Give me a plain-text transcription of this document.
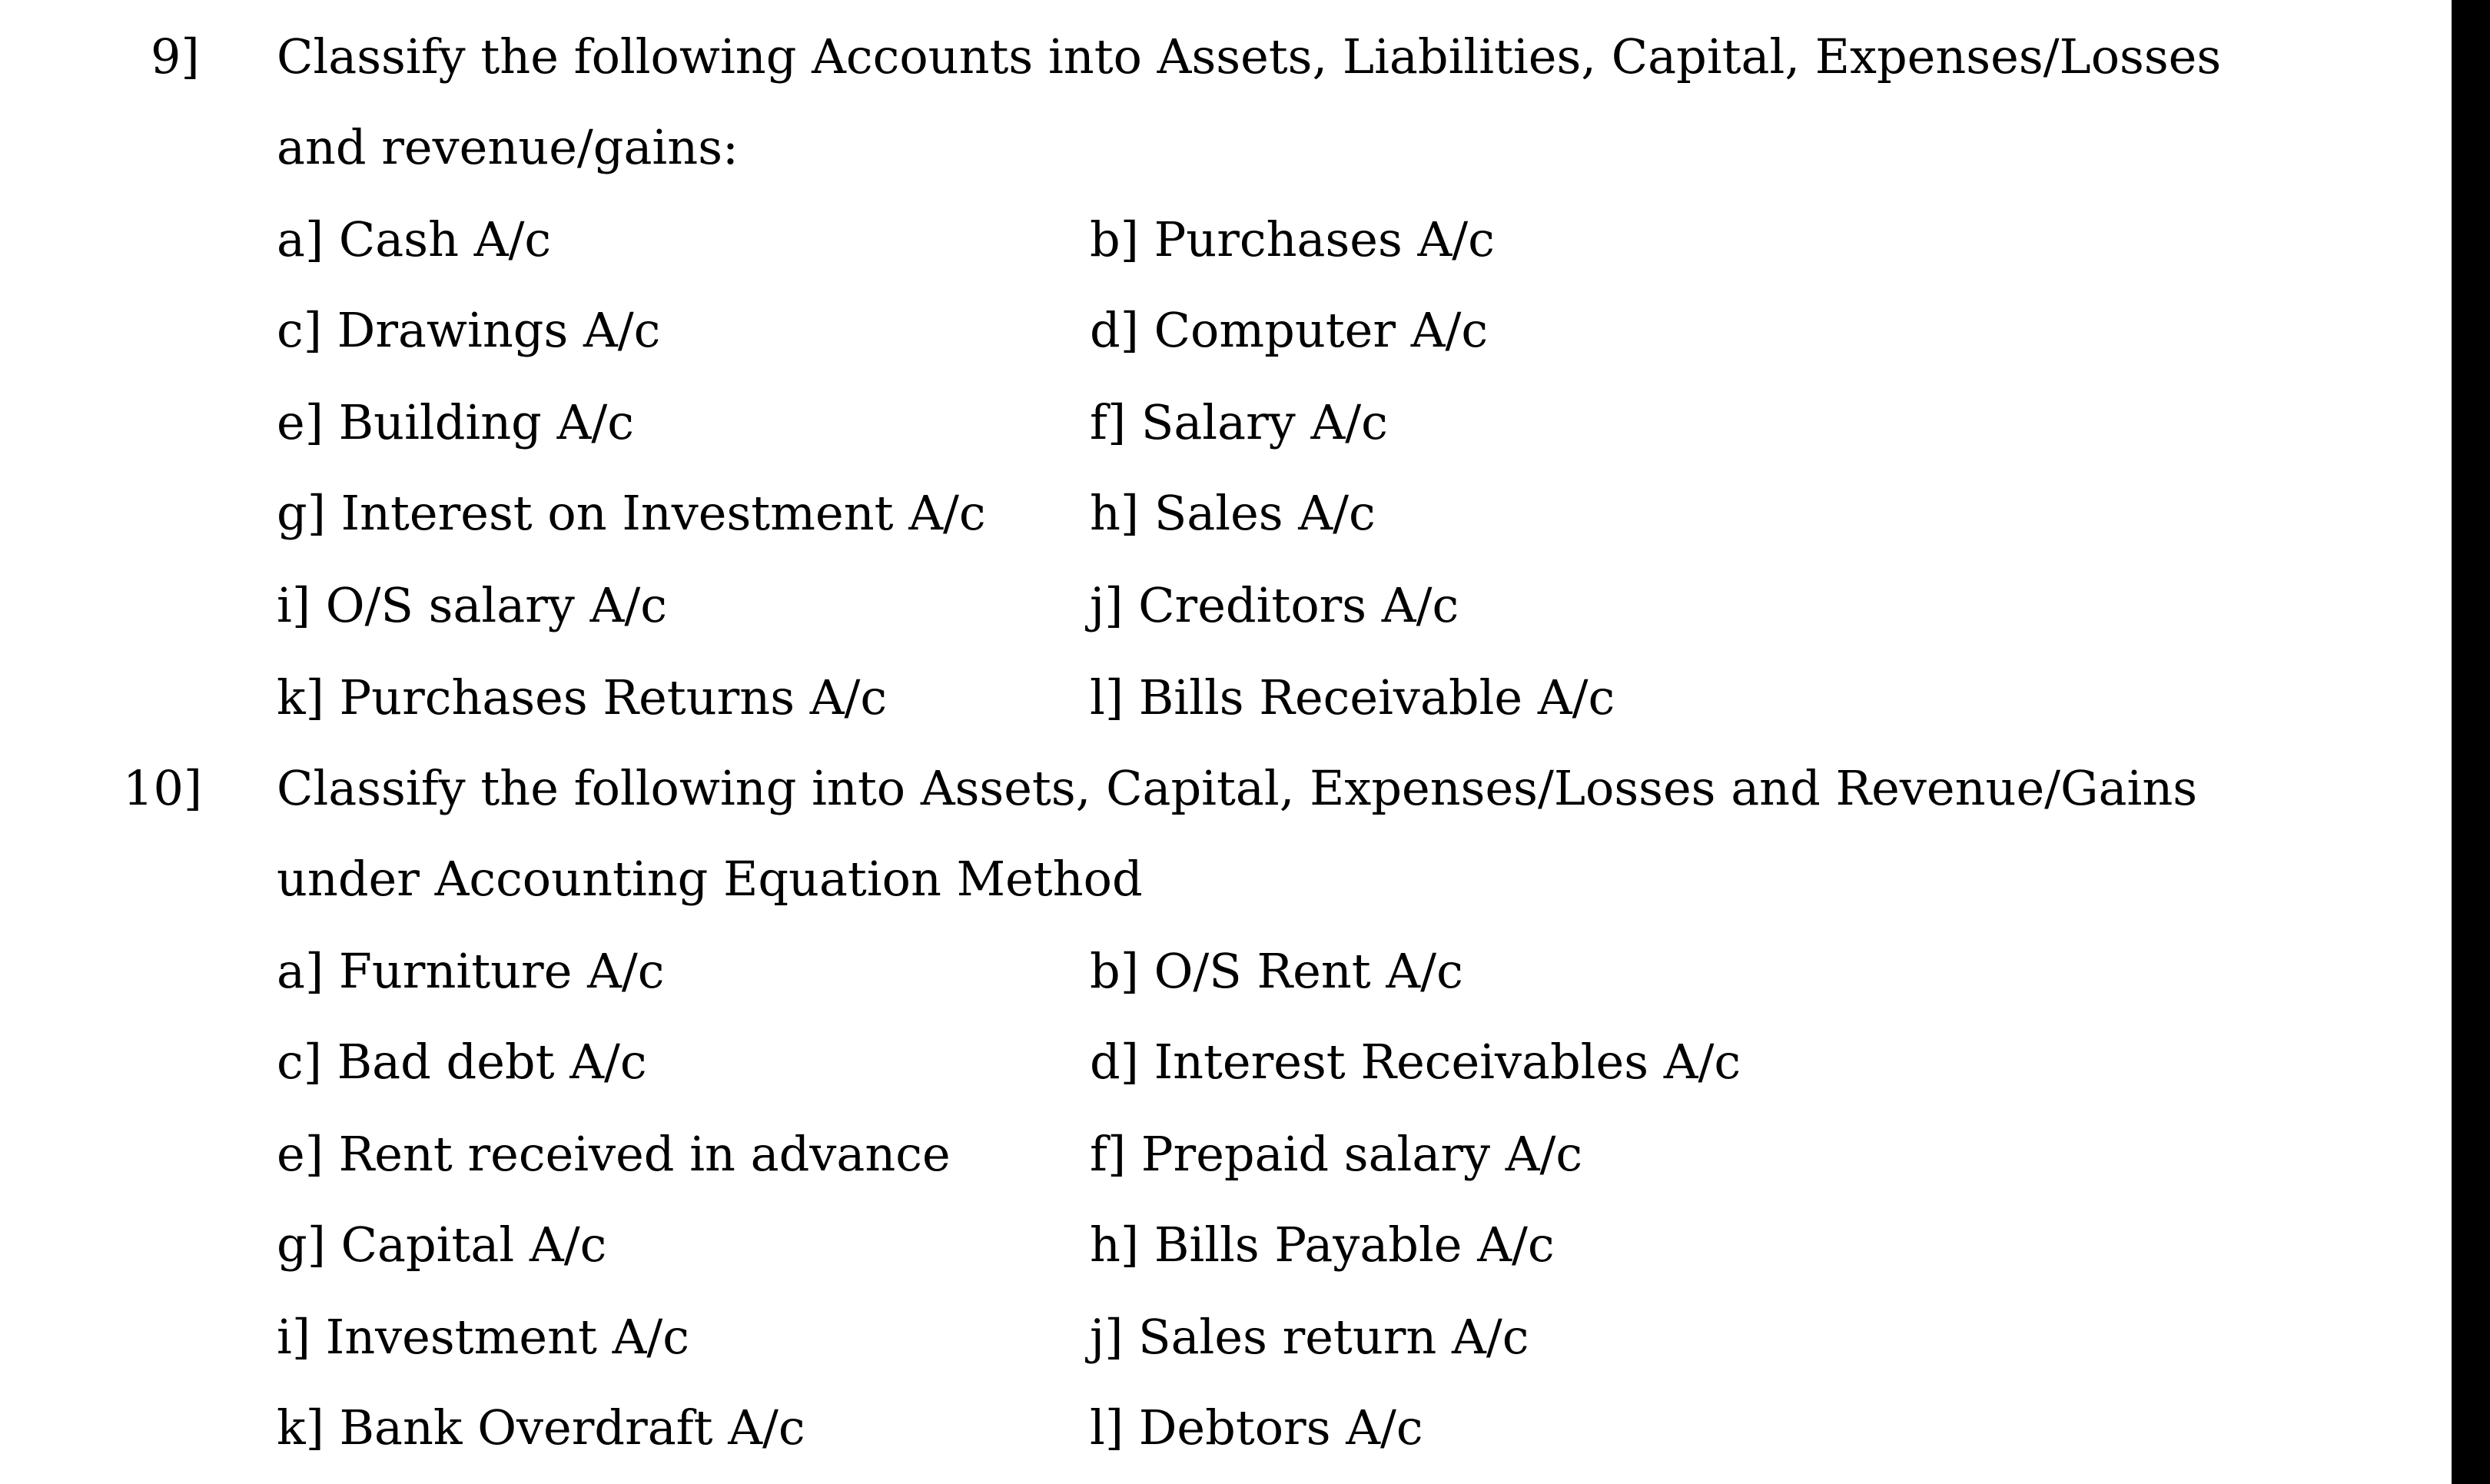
9] Classify the following Accounts into Assets, Liabilities, Capital, Expenses/Losses
and revenue/gains:
a] Cash A/c	b] Purchases A/c
c] Drawings A/c	d] Computer A/c
e] Building A/c	f] Salary A/c
g] Interest on Investment A/c h] Sales A/c
i] O/S salary A/c	j] Creditors A/c
k] Purchases Returns A/c	l] Bills Receivable A/c
10] Classify the following into Assets, Capital, Expenses/Losses and Revenue/Gains
under Accounting Equation Method
a] Furniture A/c	b] O/S Rent A/c
c] Bad debt A/c	d] Interest Receivables A/c
e] Rent received in advance	f] Prepaid salary A/c
g] Capital A/c	h] Bills Payable A/c
i] Investment A/c	j] Sales return A/c
k] Bank Overdraft A/c	l] Debtors A/c
